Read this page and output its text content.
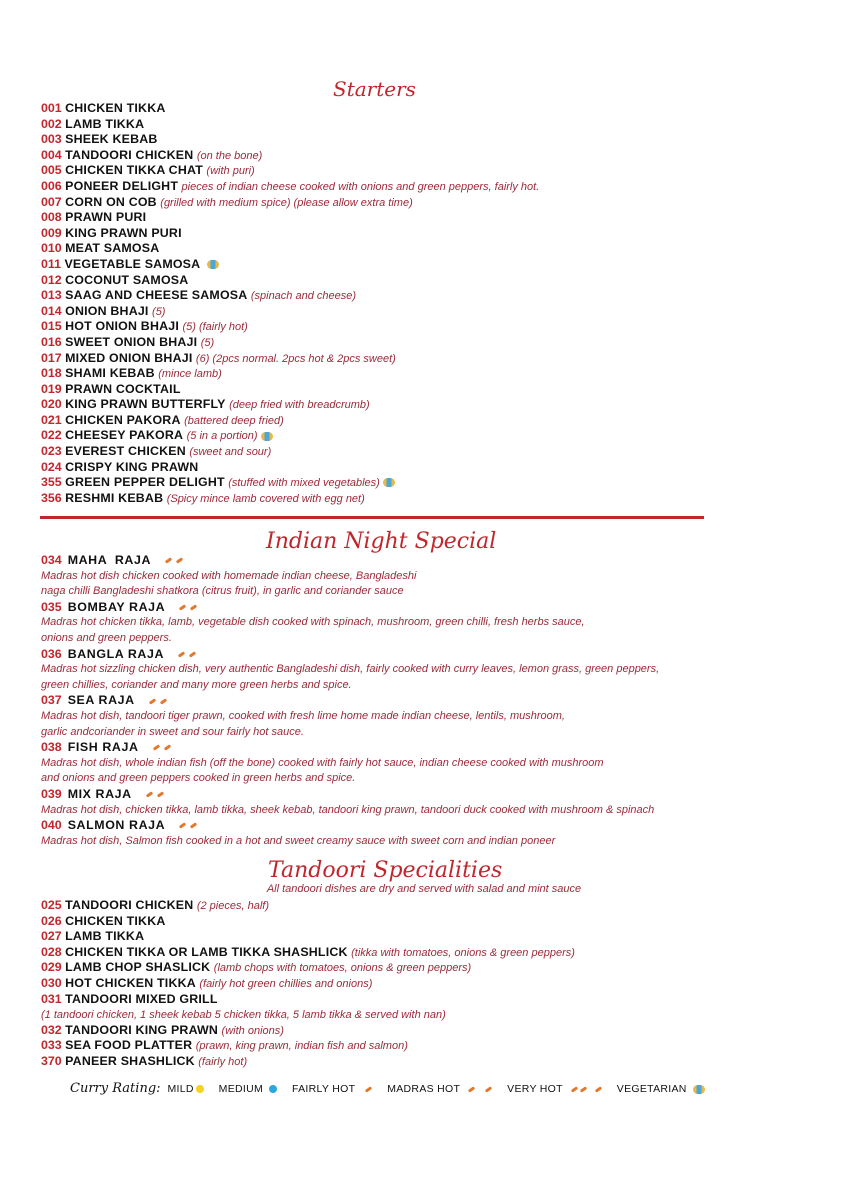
Starters
001 CHICKEN TIKKA
002 LAMB TIKKA
003 SHEEK KEBAB
004 TANDOORI CHICKEN (on the bone)
005 CHICKEN TIKKA CHAT (with puri)
006 PONEER DELIGHT pieces of indian cheese cooked with onions and green peppers, fairly hot.
007 CORN ON COB (grilled with medium spice) (please allow extra time)
008 PRAWN PURI
009 KING PRAWN PURI
010 MEAT SAMOSA
011 VEGETABLE SAMOSA
012 COCONUT SAMOSA
013 SAAG AND CHEESE SAMOSA (spinach and cheese)
014 ONION BHAJI (5)
015 HOT ONION BHAJI (5) (fairly hot)
016 SWEET ONION BHAJI (5)
017 MIXED ONION BHAJI (6) (2pcs normal. 2pcs hot & 2pcs sweet)
018 SHAMI KEBAB (mince lamb)
019 PRAWN COCKTAIL
020 KING PRAWN BUTTERFLY (deep fried with breadcrumb)
021 CHICKEN PAKORA (battered deep fried)
022 CHEESEY PAKORA (5 in a portion)
023 EVEREST CHICKEN (sweet and sour)
024 CRISPY KING PRAWN
355 GREEN PEPPER DELIGHT (stuffed with mixed vegetables)
356 RESHMI KEBAB (Spicy mince lamb covered with egg net)
Indian Night Special
034 MAHA  RAJA
Madras hot dish chicken cooked with homemade indian cheese, Bangladeshi
naga chilli Bangladeshi shatkora (citrus fruit), in garlic and coriander sauce
035 BOMBAY RAJA
Madras hot chicken tikka, lamb, vegetable dish cooked with spinach, mushroom, green chilli, fresh herbs sauce,
onions and green peppers.
036 BANGLA RAJA
Madras hot sizzling chicken dish, very authentic Bangladeshi dish, fairly cooked with curry leaves, lemon grass, green peppers,
green chillies, coriander and many more green herbs and spice.
037 SEA RAJA
Madras hot dish, tandoori tiger prawn, cooked with fresh lime home made indian cheese, lentils, mushroom,
garlic andcoriander in sweet and sour fairly hot sauce.
038 FISH RAJA
Madras hot dish, whole indian fish (off the bone) cooked with fairly hot sauce, indian cheese cooked with mushroom
and onions and green peppers cooked in green herbs and spice.
039 MIX RAJA
Madras hot dish, chicken tikka, lamb tikka, sheek kebab, tandoori king prawn, tandoori duck cooked with mushroom & spinach
040 SALMON RAJA
Madras hot dish, Salmon fish cooked in a hot and sweet creamy sauce with sweet corn and indian poneer
Tandoori Specialities
All tandoori dishes are dry and served with salad and mint sauce
025 TANDOORI CHICKEN (2 pieces, half)
026 CHICKEN TIKKA
027 LAMB TIKKA
028 CHICKEN TIKKA OR LAMB TIKKA SHASHLICK (tikka with tomatoes, onions & green peppers)
029 LAMB CHOP SHASLICK (lamb chops with tomatoes, onions & green peppers)
030 HOT CHICKEN TIKKA (fairly hot green chillies and onions)
031 TANDOORI MIXED GRILL
(1 tandoori chicken, 1 sheek kebab 5 chicken tikka, 5 lamb tikka & served with nan)
032 TANDOORI KING PRAWN (with onions)
033 SEA FOOD PLATTER (prawn, king prawn, indian fish and salmon)
370 PANEER SHASHLICK (fairly hot)
Curry Rating: MILD MEDIUM	FAIRLY HOT	MADRAS HOT	VERY HOT	VEGETARIAN
